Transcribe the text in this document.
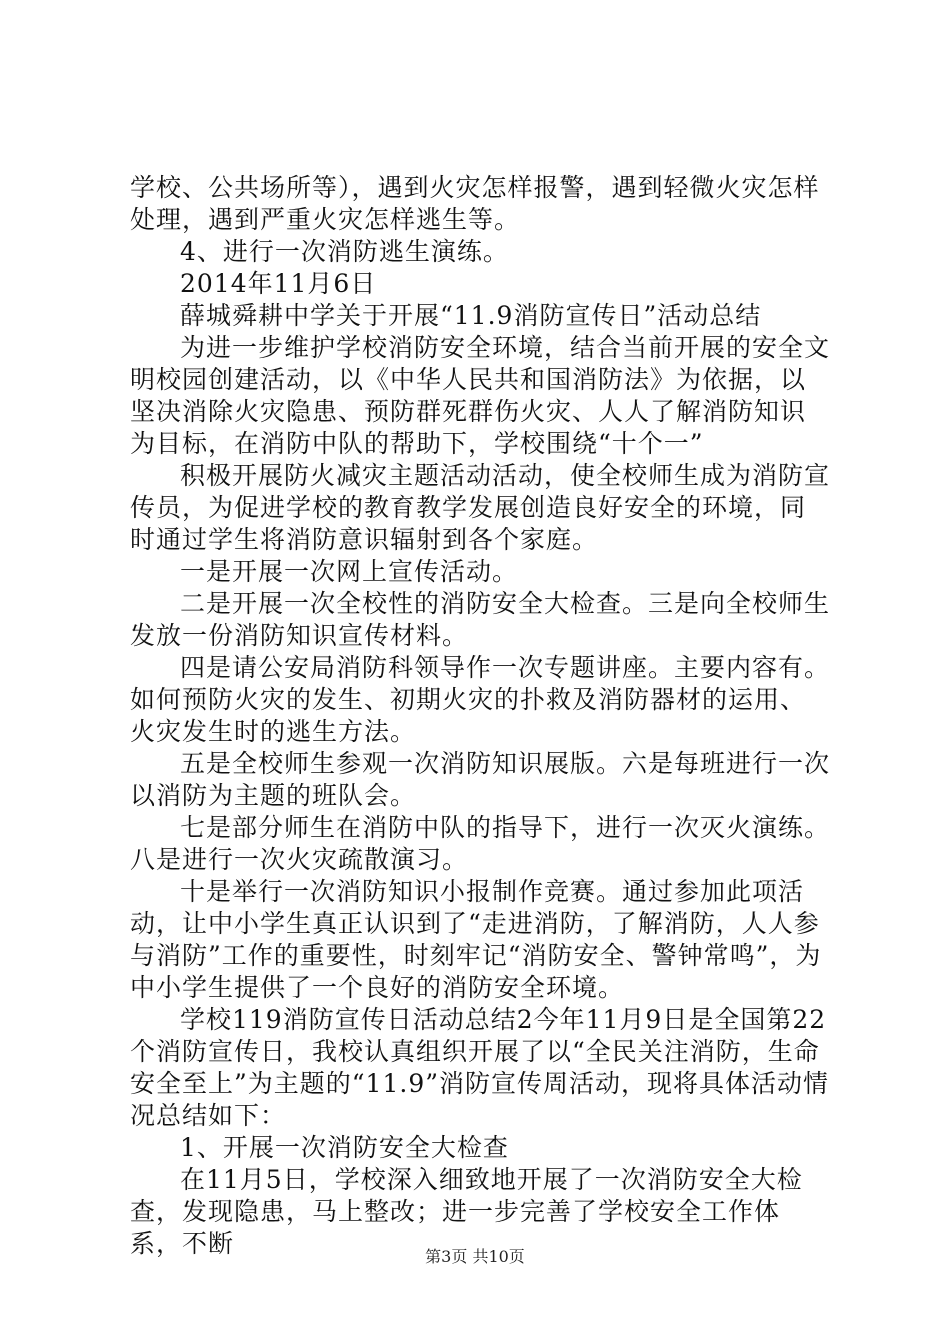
学校、公共场所等），遇到火灾怎样报警，遇到轻微火灾怎样处理，遇到严重火灾怎样逃生等。

4、进行一次消防逃生演练。

2014年11月6日

薛城舜耕中学关于开展“11.9消防宣传日”活动总结

为进一步维护学校消防安全环境，结合当前开展的安全文明校园创建活动，以《中华人民共和国消防法》为依据，以坚决消除火灾隐患、预防群死群伤火灾、人人了解消防知识为目标，在消防中队的帮助下，学校围绕“十个一”

积极开展防火减灾主题活动活动，使全校师生成为消防宣传员，为促进学校的教育教学发展创造良好安全的环境，同时通过学生将消防意识辐射到各个家庭。

一是开展一次网上宣传活动。

二是开展一次全校性的消防安全大检查。三是向全校师生发放一份消防知识宣传材料。

四是请公安局消防科领导作一次专题讲座。主要内容有。如何预防火灾的发生、初期火灾的扑救及消防器材的运用、火灾发生时的逃生方法。

五是全校师生参观一次消防知识展版。六是每班进行一次以消防为主题的班队会。

七是部分师生在消防中队的指导下，进行一次灭火演练。八是进行一次火灾疏散演习。

十是举行一次消防知识小报制作竞赛。通过参加此项活动，让中小学生真正认识到了“走进消防，了解消防，人人参与消防”工作的重要性，时刻牢记“消防安全、警钟常鸣”，为中小学生提供了一个良好的消防安全环境。

学校119消防宣传日活动总结2今年11月9日是全国第22个消防宣传日，我校认真组织开展了以“全民关注消防，生命安全至上”为主题的“11.9”消防宣传周活动，现将具体活动情况总结如下：

1、开展一次消防安全大检查

在11月5日，学校深入细致地开展了一次消防安全大检查，发现隐患，马上整改；进一步完善了学校安全工作体系，不断	第3页 共10页
